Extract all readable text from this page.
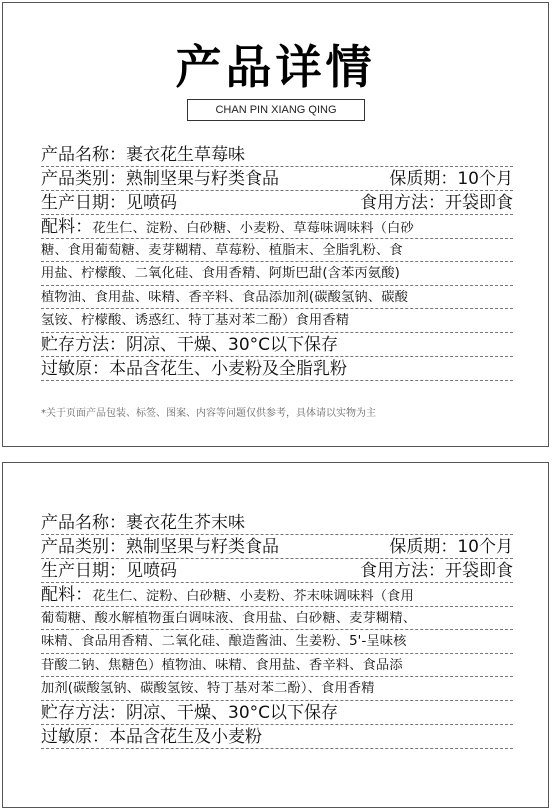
产品详情
CHAN PIN XIANG QING
产品名称：裹衣花生草莓味
产品类别：熟制坚果与籽类食品	保质期：10个月
生产日期：见喷码	食用方法：开袋即食
配料：花生仁、淀粉、白砂糖、小麦粉、草莓味调味料（白砂
糖、食用葡萄糖、麦芽糊精、草莓粉、植脂末、全脂乳粉、食
用盐、柠檬酸、二氧化硅、食用香精、阿斯巴甜(含苯丙氨酸)
植物油、食用盐、味精、香辛料、食品添加剂(碳酸氢钠、碳酸
氢铵、柠檬酸、诱惑红、特丁基对苯二酚）食用香精
贮存方法：阴凉、干燥、30°C以下保存
过敏原：本品含花生、小麦粉及全脂乳粉
*关于页面产品包装、标签、图案、内容等问题仅供参考，具体请以实物为主
产品名称：裹衣花生芥末味
产品类别：熟制坚果与籽类食品	保质期：10个月
生产日期：见喷码	食用方法：开袋即食
配料：花生仁、淀粉、白砂糖、小麦粉、芥末味调味料（食用
葡萄糖、酸水解植物蛋白调味液、食用盐、白砂糖、麦芽糊精、
味精、食品用香精、二氧化硅、酿造酱油、生姜粉、5'-呈味核
苷酸二钠、焦糖色）植物油、味精、食用盐、香辛料、食品添
加剂(碳酸氢钠、碳酸氢铵、特丁基对苯二酚）、食用香精
贮存方法：阴凉、干燥、30°C以下保存
过敏原：本品含花生及小麦粉
